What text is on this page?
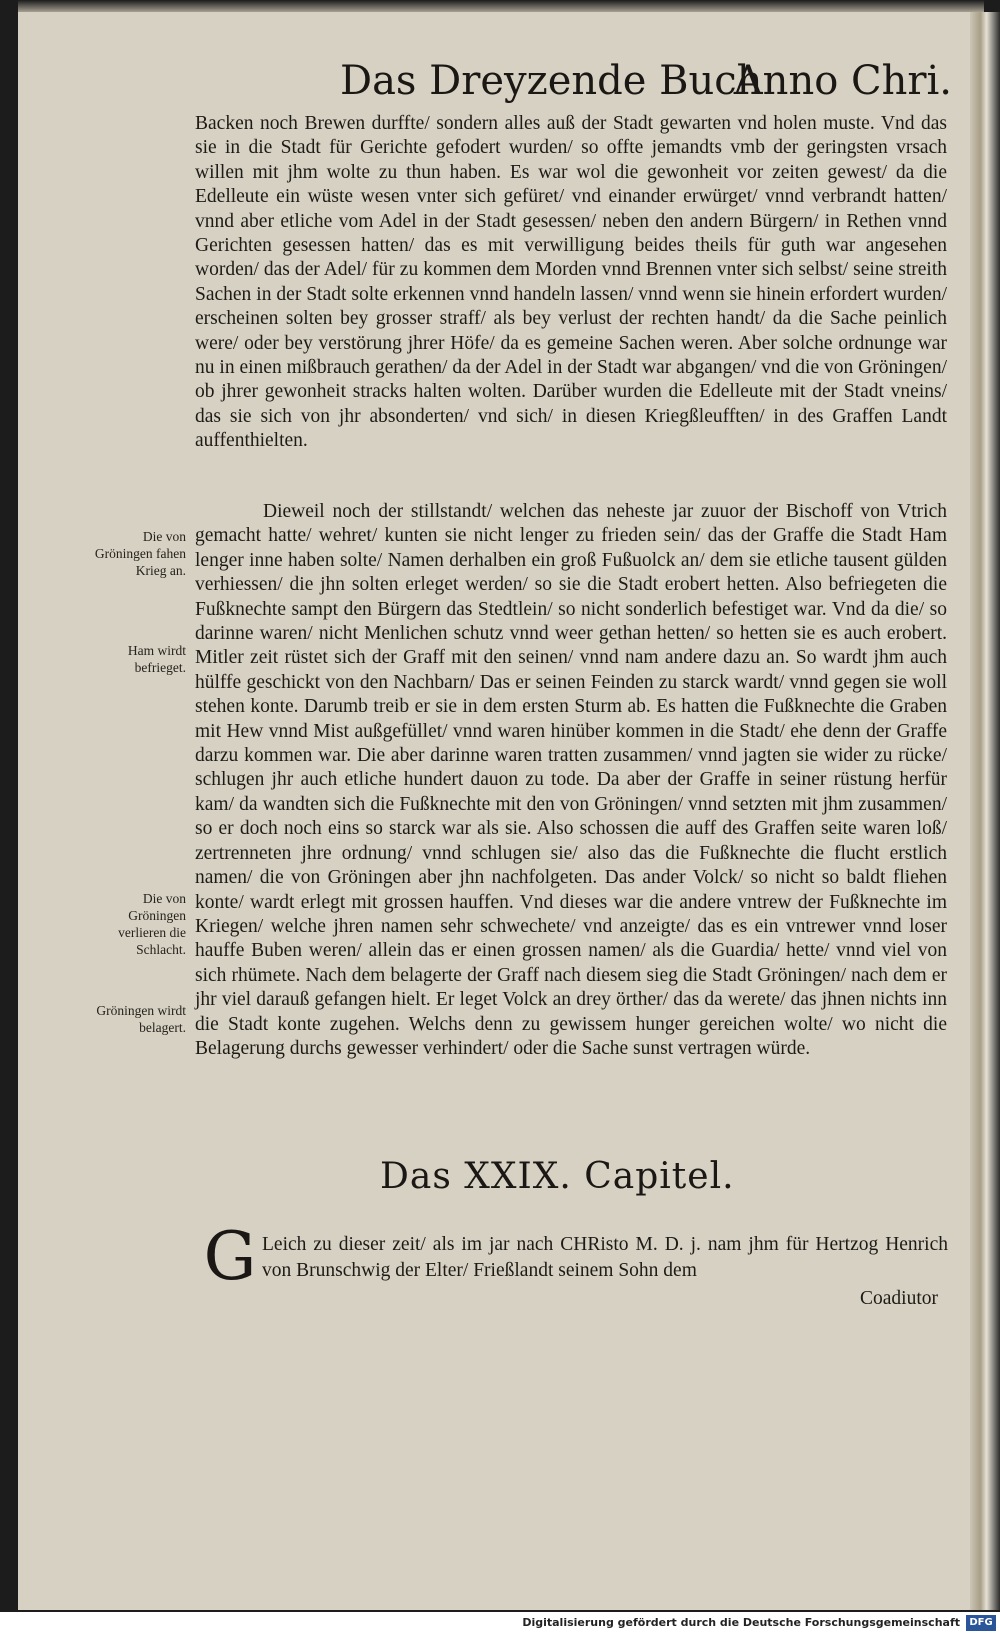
Das Dreyzende Buch
Anno Chri.

Backen noch Brewen durffte/ sondern alles auß der Stadt gewarten vnd holen muste. Vnd das sie in die Stadt für Gerichte gefodert wurden/ so offte jemandts vmb der geringsten vrsach willen mit jhm wolte zu thun haben. Es war wol die gewonheit vor zeiten gewest/ da die Edelleute ein wüste wesen vnter sich gefüret/ vnd einander erwürget/ vnnd verbrandt hatten/ vnnd aber etliche vom Adel in der Stadt gesessen/ neben den andern Bürgern/ in Rethen vnnd Gerichten gesessen hatten/ das es mit verwilligung beides theils für guth war angesehen worden/ das der Adel/ für zu kommen dem Morden vnnd Brennen vnter sich selbst/ seine streith Sachen in der Stadt solte erkennen vnnd handeln lassen/ vnnd wenn sie hinein erfordert wurden/ erscheinen solten bey grosser straff/ als bey verlust der rechten handt/ da die Sache peinlich were/ oder bey verstörung jhrer Höfe/ da es gemeine Sachen weren. Aber solche ordnunge war nu in einen mißbrauch gerathen/ da der Adel in der Stadt war abgangen/ vnd die von Gröningen/ ob jhrer gewonheit stracks halten wolten. Darüber wurden die Edelleute mit der Stadt vneins/ das sie sich von jhr absonderten/ vnd sich/ in diesen Kriegßleufften/ in des Graffen Landt auffenthielten.

Dieweil noch der stillstandt/ welchen das neheste jar zuuor der Bischoff von Vtrich gemacht hatte/ wehret/ kunten sie nicht lenger zu frieden sein/ das der Graffe die Stadt Ham lenger inne haben solte/ Namen derhalben ein groß Fußuolck an/ dem sie etliche tausent gülden verhiessen/ die jhn solten erleget werden/ so sie die Stadt erobert hetten. Also befriegeten die Fußknechte sampt den Bürgern das Stedtlein/ so nicht sonderlich befestiget war. Vnd da die/ so darinne waren/ nicht Menlichen schutz vnnd weer gethan hetten/ so hetten sie es auch erobert. Mitler zeit rüstet sich der Graff mit den seinen/ vnnd nam andere dazu an. So wardt jhm auch hülffe geschickt von den Nachbarn/ Das er seinen Feinden zu starck wardt/ vnnd gegen sie woll stehen konte. Darumb treib er sie in dem ersten Sturm ab. Es hatten die Fußknechte die Graben mit Hew vnnd Mist außgefüllet/ vnnd waren hinüber kommen in die Stadt/ ehe denn der Graffe darzu kommen war. Die aber darinne waren tratten zusammen/ vnnd jagten sie wider zu rücke/ schlugen jhr auch etliche hundert dauon zu tode. Da aber der Graffe in seiner rüstung herfür kam/ da wandten sich die Fußknechte mit den von Gröningen/ vnnd setzten mit jhm zusammen/ so er doch noch eins so starck war als sie. Also schossen die auff des Graffen seite waren loß/ zertrenneten jhre ordnung/ vnnd schlugen sie/ also das die Fußknechte die flucht erstlich namen/ die von Gröningen aber jhn nachfolgeten. Das ander Volck/ so nicht so baldt fliehen konte/ wardt erlegt mit grossen hauffen. Vnd dieses war die andere vntrew der Fußknechte im Kriegen/ welche jhren namen sehr schwechete/ vnd anzeigte/ das es ein vntrewer vnnd loser hauffe Buben weren/ allein das er einen grossen namen/ als die Guardia/ hette/ vnnd viel von sich rhümete. Nach dem belagerte der Graff nach diesem sieg die Stadt Gröningen/ nach dem er jhr viel darauß gefangen hielt. Er leget Volck an drey örther/ das da werete/ das jhnen nichts inn die Stadt konte zugehen. Welchs denn zu gewissem hunger gereichen wolte/ wo nicht die Belagerung durchs gewesser verhindert/ oder die Sache sunst vertragen würde.

Die von Gröningen fahen Krieg an.

Ham wirdt befrieget.

Die von Gröningen verlieren die Schlacht.

Gröningen wirdt belagert.

Das XXIX. Capitel.
G Leich zu dieser zeit/ als im jar nach CHRisto M. D. j. nam jhm für Hertzog Henrich von Brunschwig der Elter/ Frießlandt seinem Sohn dem

Coadiutor
Digitalisierung gefördert durch die Deutsche Forschungsgemeinschaft DFG
